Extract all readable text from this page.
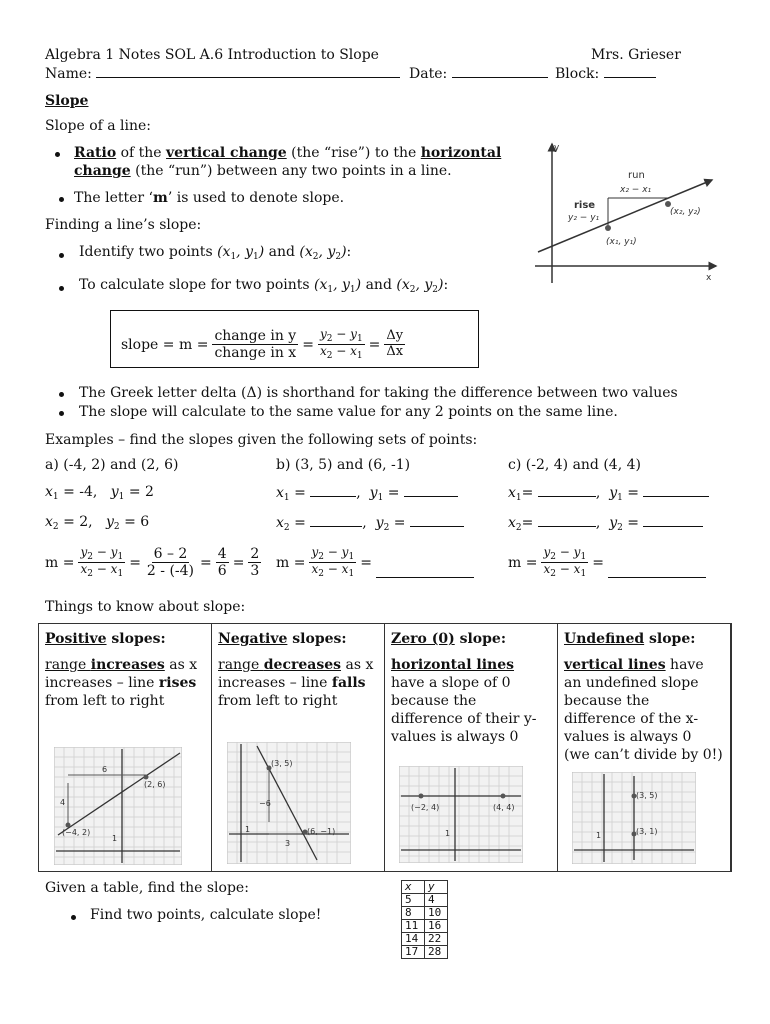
Algebra 1 Notes SOL A.6 Introduction to Slope	Mrs. Grieser
Name:	Date:	Block:
Slope
Slope of a line:
Ratio of the vertical change (the “rise”) to the horizontal
change (the “run”) between any two points in a line.
The letter ‘m’ is used to denote slope.
Finding a line’s slope:
Identify two points ($x_1$, $y_1$) and ($x_2$, $y_2$):
To calculate slope for two points ($x_1$, $y_1$) and ($x_2$, $y_2$):
slope = $m = \frac{\text{change in y}}{\text{change in x}} = \frac{y_2 - y_1}{x_2 - x_1} = \frac{\Delta y}{\Delta x}$
y
x
run
x₂ − x₁
rise
y₂ − y₁
(x₁, y₁)
(x₂, y₂)
The Greek letter delta (Δ) is shorthand for taking the difference between two values
The slope will calculate to the same value for any 2 points on the same line.
Examples – find the slopes given the following sets of points:
a) (-4, 2) and (2, 6)
$x_1 = -4$, $y_1 = 2$
$x_2 = 2$, $y_2 = 6$
$m = \frac{y_2 - y_1}{x_2 - x_1} = \frac{6 - 2}{2 - (-4)} = \frac{4}{6} = \frac{2}{3}$
b) (3, 5) and (6, -1)
$x_1$ =	,  $y_1$ =
$x_2$ =	,  $y_2$ =
$m = \frac{y_2 - y_1}{x_2 - x_1}$ =
c) (-2, 4) and (4, 4)
$x_1=$	,  $y_1$ =
$x_2=$	,  $y_2$ =
$m = \frac{y_2 - y_1}{x_2 - x_1}$ =
Things to know about slope:
Positive slopes:
range increases as x
increases – line rises
from left to right
Negative slopes:
range decreases as x
increases – line falls
from left to right
Zero (0) slope:
horizontal lines
have a slope of 0
because the
difference of their y-
values is always 0
Undefined slope:
vertical lines have
an undefined slope
because the
difference of the x-
values is always 0
(we can’t divide by 0!)
(−4, 2)
(2, 6)
6
4
1
(3, 5)
(6, −1)
−6
3
1
(−2, 4)	(4, 4)
1
(3, 5)
(3, 1)
1
Given a table, find the slope:
Find two points, calculate slope!
x	y
5	4
8	10
11	16
14	22
17	28
